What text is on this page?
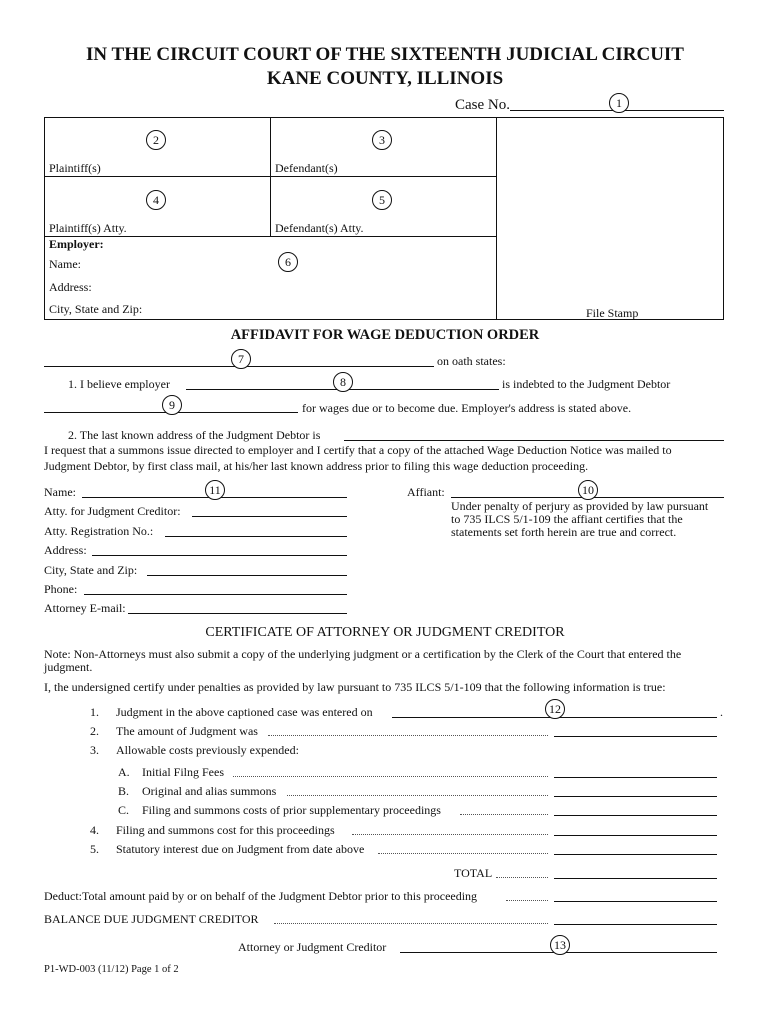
IN THE CIRCUIT COURT OF THE SIXTEENTH JUDICIAL CIRCUIT
KANE COUNTY, ILLINOIS
Case No.	1
2	3
Plaintiff(s)	Defendant(s)
4	5
Plaintiff(s) Atty.	Defendant(s) Atty.
Employer:
Name:	6
Address:
City, State and Zip:	File Stamp
AFFIDAVIT FOR WAGE DEDUCTION ORDER
7	on oath states:
1. I believe employer	8	is indebted to the Judgment Debtor
9	for wages due or to become due. Employer's address is stated above.
2. The last known address of the Judgment Debtor is
I request that a summons issue directed to employer and I certify that a copy of the attached Wage Deduction Notice was mailed to
Judgment Debtor, by first class mail, at his/her last known address prior to filing this wage deduction proceeding.
Name:	11
Atty. for Judgment Creditor:
Atty. Registration No.:
Address:
City, State and Zip:
Phone:
Attorney E-mail:
Affiant:	10
Under penalty of perjury as provided by law pursuant
to 735 ILCS 5/1-109 the affiant certifies that the
statements set forth herein are true and correct.
CERTIFICATE OF ATTORNEY OR JUDGMENT CREDITOR
Note: Non-Attorneys must also submit a copy of the underlying judgment or a certification by the Clerk of the Court that entered the
judgment.
I, the undersigned certify under penalties as provided by law pursuant to 735 ILCS 5/1-109 that the following information is true:
1. Judgment in the above captioned case was entered on	12	.
2. The amount of Judgment was
3. Allowable costs previously expended:
A. Initial Filng Fees
B. Original and alias summons
C. Filing and summons costs of prior supplementary proceedings
4. Filing and summons cost for this proceedings
5. Statutory interest due on Judgment from date above
TOTAL
Deduct:Total amount paid by or on behalf of the Judgment Debtor prior to this proceeding
BALANCE DUE JUDGMENT CREDITOR
Attorney or Judgment Creditor	13
P1-WD-003 (11/12) Page 1 of 2
